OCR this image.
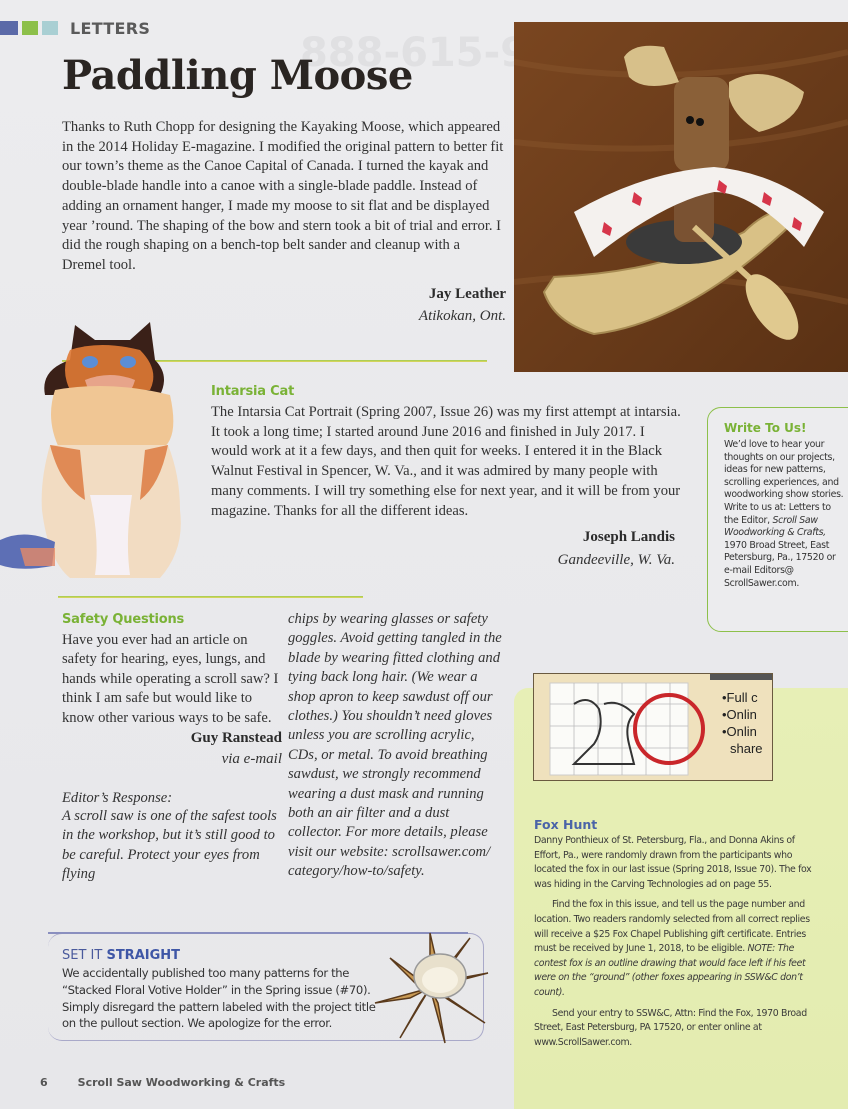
888-615-9663 hop
LETTERS
Paddling Moose

Thanks to Ruth Chopp for designing the Kayaking Moose, which appeared in the 2014 Holiday E-magazine. I modified the original pattern to better fit our town’s theme as the Canoe Capital of Canada. I turned the kayak and double-blade handle into a canoe with a single-blade paddle. Instead of adding an ornament hanger, I made my moose to sit flat and be displayed year ’round. The shaping of the bow and stern took a bit of trial and error. I did the rough shaping on a bench-top belt sander and cleanup with a Dremel tool.

Jay Leather
Atikokan, Ont.
Intarsia Cat

The Intarsia Cat Portrait (Spring 2007, Issue 26) was my first attempt at intarsia. It took a long time; I started around June 2016 and finished in July 2017. I would work at it a few days, and then quit for weeks. I entered it in the Black Walnut Festival in Spencer, W. Va., and it was admired by many people with many comments. I will try something else for next year, and it will be from your magazine. Thanks for all the different ideas.

Joseph Landis
Gandeeville, W. Va.
Write To Us!

We’d love to hear your thoughts on our projects, ideas for new patterns, scrolling experiences, and woodworking show stories. Write to us at: Letters to the Editor, Scroll Saw Woodworking & Crafts, 1970 Broad Street, East Petersburg, Pa., 17520 or e-mail Editors@ ScrollSawer.com.

Safety Questions

Have you ever had an article on safety for hearing, eyes, lungs, and hands while operating a scroll saw? I think I am safe but would like to know other various ways to be safe.

Guy Ranstead
via e-mail
Editor’s Response:

A scroll saw is one of the safest tools in the workshop, but it’s still good to be careful. Protect your eyes from flying

chips by wearing glasses or safety goggles. Avoid getting tangled in the blade by wearing fitted clothing and tying back long hair. (We wear a shop apron to keep sawdust off our clothes.) You shouldn’t need gloves unless you are scrolling acrylic, CDs, or metal. To avoid breathing sawdust, we strongly recommend wearing a dust mask and running both an air filter and a dust collector. For more details, please visit our website: scrollsawer.com/ category/how-to/safety.

SET IT STRAIGHT

We accidentally published too many patterns for the “Stacked Floral Votive Holder” in the Spring issue (#70). Simply disregard the pattern labeled with the project title on the pullout section. We apologize for the error.

•Full c
•Onlin
•Onlin
share
Fox Hunt

Danny Ponthieux of St. Petersburg, Fla., and Donna Akins of Effort, Pa., were randomly drawn from the participants who located the fox in our last issue (Spring 2018, Issue 70). The fox was hiding in the Carving Technologies ad on page 55.

Find the fox in this issue, and tell us the page number and location. Two readers randomly selected from all correct replies will receive a $25 Fox Chapel Publishing gift certificate. Entries must be received by June 1, 2018, to be eligible. NOTE: The contest fox is an outline drawing that would face left if his feet were on the “ground” (other foxes appearing in SSW&C don’t count).

Send your entry to SSW&C, Attn: Find the Fox, 1970 Broad Street, East Petersburg, PA 17520, or enter online at www.ScrollSawer.com.

6	Scroll Saw Woodworking & Crafts
